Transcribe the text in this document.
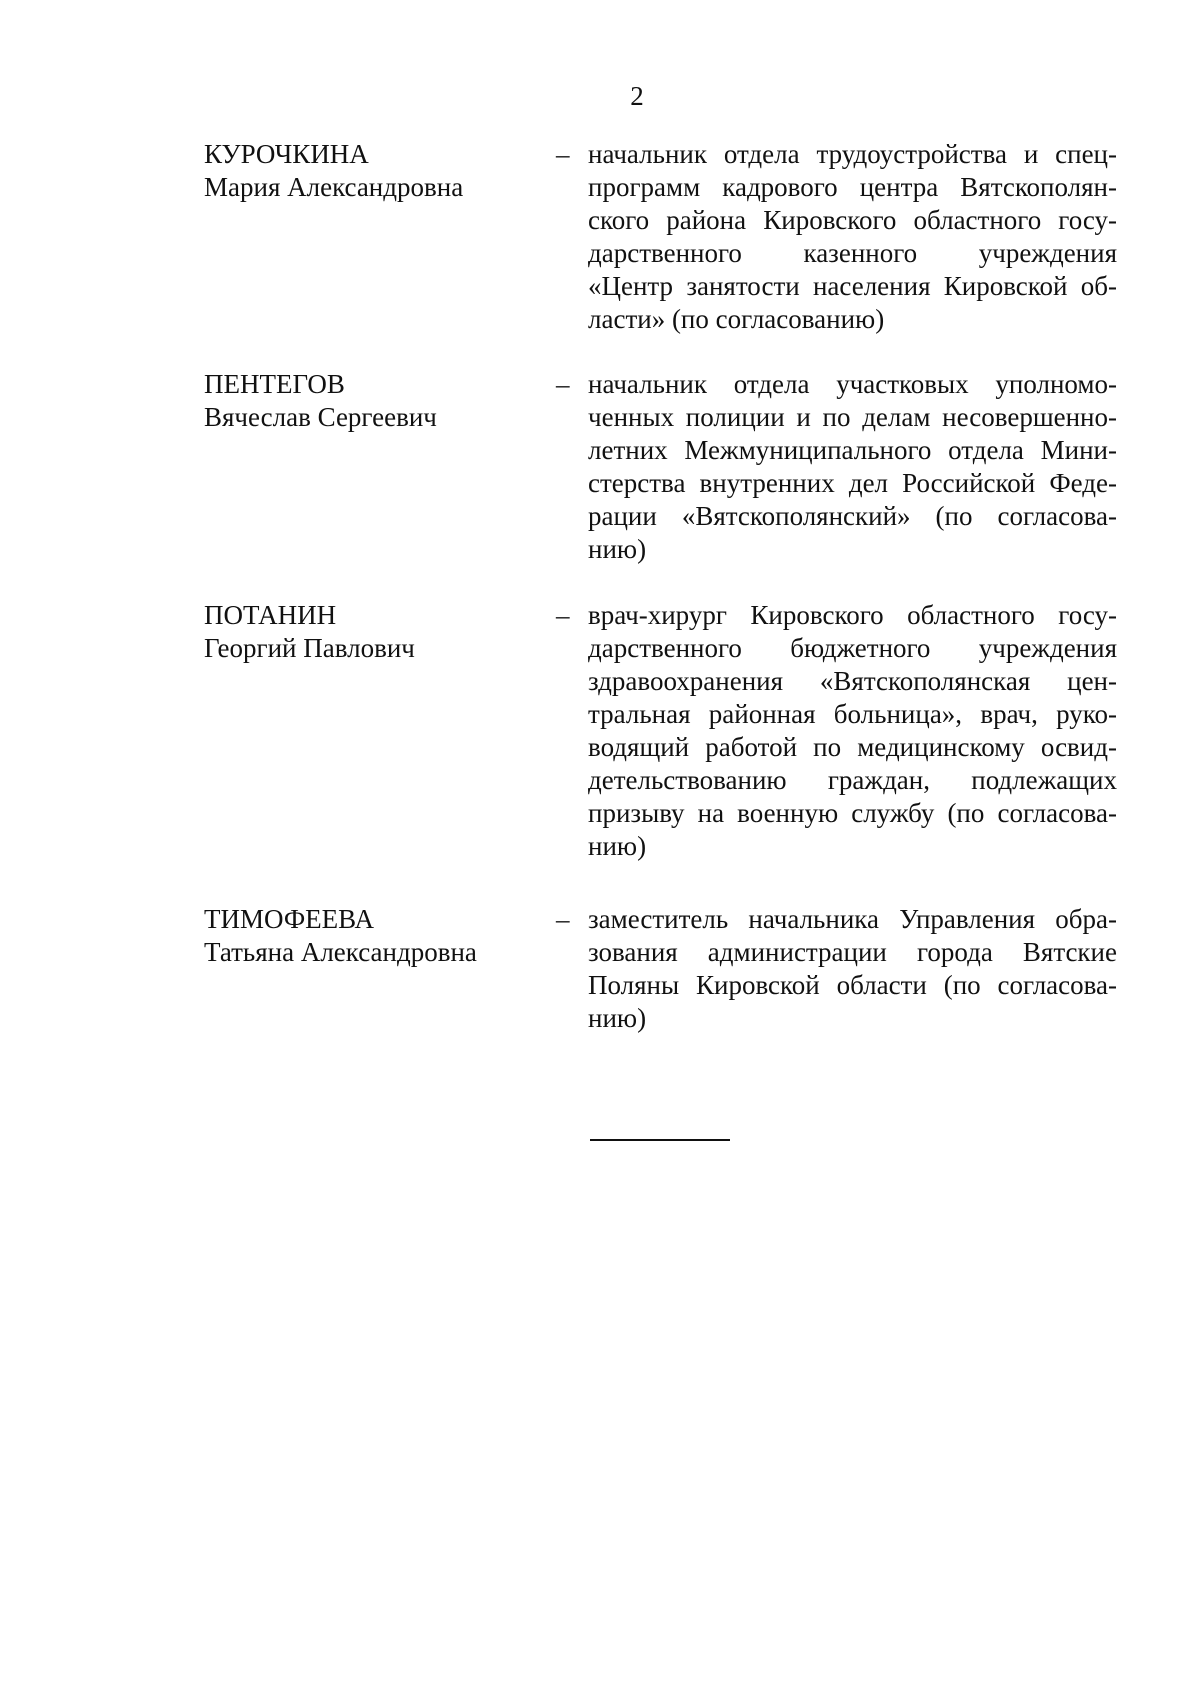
2
КУРОЧКИНА
Мария Александровна
– начальник отдела трудоустройства и спец-
программ кадрового центра Вятскополян-
ского района Кировского областного госу-
дарственного казенного учреждения
«Центр занятости населения Кировской об-
ласти» (по согласованию)

ПЕНТЕГОВ
Вячеслав Сергеевич
– начальник отдела участковых уполномо-
ченных полиции и по делам несовершенно-
летних Межмуниципального отдела Мини-
стерства внутренних дел Российской Феде-
рации «Вятскополянский» (по согласова-
нию)

ПОТАНИН
Георгий Павлович
– врач-хирург Кировского областного госу-
дарственного бюджетного учреждения
здравоохранения «Вятскополянская цен-
тральная районная больница», врач, руко-
водящий работой по медицинскому освид-
детельствованию граждан, подлежащих
призыву на военную службу (по согласова-
нию)

ТИМОФЕЕВА
Татьяна Александровна
– заместитель начальника Управления обра-
зования администрации города Вятские
Поляны Кировской области (по согласова-
нию)
